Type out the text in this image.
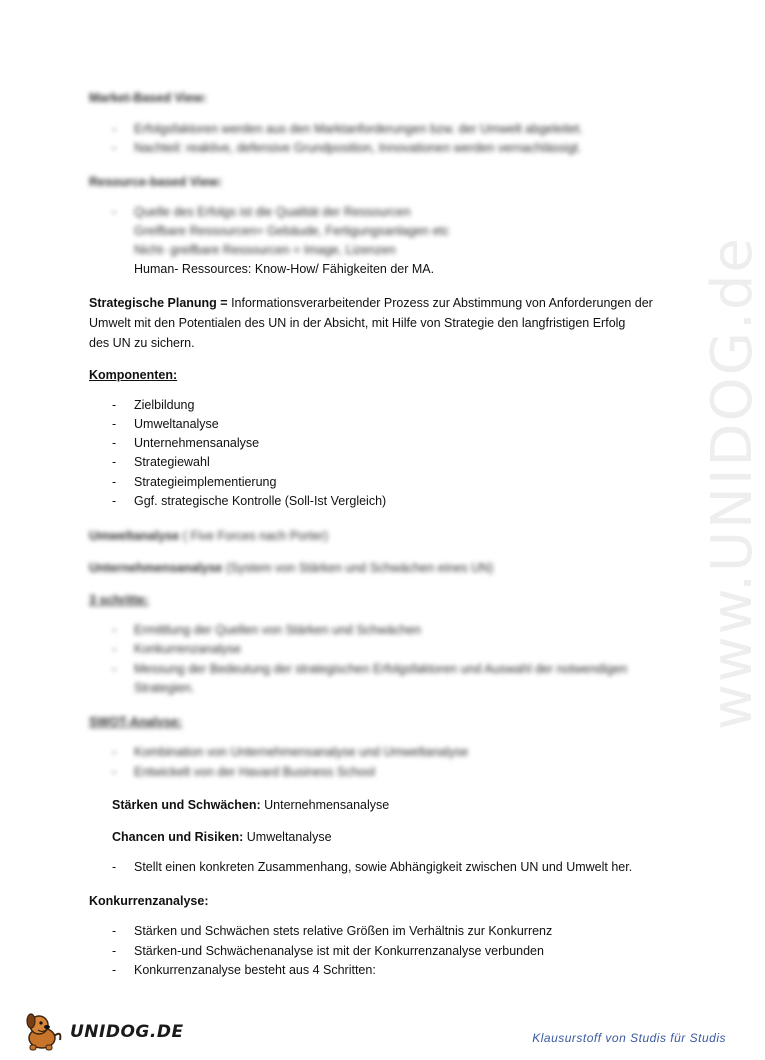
www.UNIDOG.de
Market-Based View:
- Erfolgsfaktoren werden aus den Marktanforderungen bzw. der Umwelt abgeleitet.
- Nachteil: reaktive, defensive Grundposition, Innovationen werden vernachlässigt.
Resource-based View:
- Quelle des Erfolgs ist die Qualität der Ressourcen
Greifbare Ressourcen= Gebäude, Fertigungsanlagen etc
Nicht- greifbare Ressourcen = Image, Lizenzen
Human- Ressources: Know-How/ Fähigkeiten der MA.
Strategische Planung = Informationsverarbeitender Prozess zur Abstimmung von Anforderungen der
Umwelt mit den Potentialen des UN in der Absicht, mit Hilfe von Strategie den langfristigen Erfolg
des UN zu sichern.
Komponenten:
- Zielbildung
- Umweltanalyse
- Unternehmensanalyse
- Strategiewahl
- Strategieimplementierung
- Ggf. strategische Kontrolle (Soll-Ist Vergleich)
Umweltanalyse ( Five Forces nach Porter)
Unternehmensanalyse (System von Stärken und Schwächen eines UN)
3 schritte:
- Ermittlung der Quellen von Stärken und Schwächen
- Konkurrenzanalyse
- Messung der Bedeutung der strategischen Erfolgsfaktoren und Auswahl der notwendigen
Strategien.
SWOT-Analyse:
- Kombination von Unternehmensanalyse und Umweltanalyse
- Entwickelt von der Havard Business School
Stärken und Schwächen: Unternehmensanalyse
Chancen und Risiken: Umweltanalyse
- Stellt einen konkreten Zusammenhang, sowie Abhängigkeit zwischen UN und Umwelt her.
Konkurrenzanalyse:
- Stärken und Schwächen stets relative Größen im Verhältnis zur Konkurrenz
- Stärken-und Schwächenanalyse ist mit der Konkurrenzanalyse verbunden
- Konkurrenzanalyse besteht aus 4 Schritten:
UNIDOG.DE	Klausurstoff von Studis für Studis
